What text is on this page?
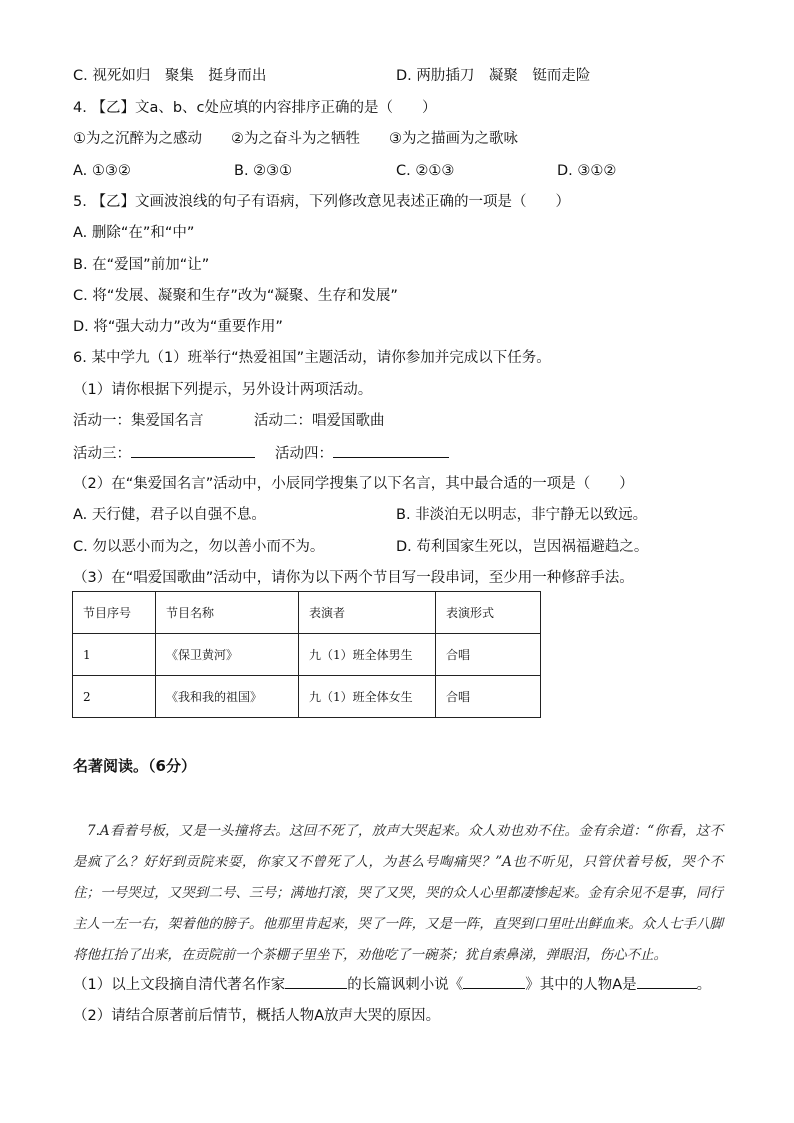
C. 视死如归　聚集　挺身而出	D. 两肋插刀　凝聚　铤而走险
4. 【乙】文a、b、c处应填的内容排序正确的是（　　）
①为之沉醉为之感动　　②为之奋斗为之牺牲　　③为之描画为之歌咏
A. ①③②	B. ②③①	C. ②①③	D. ③①②
5. 【乙】文画波浪线的句子有语病，下列修改意见表述正确的一项是（　　）
A. 删除“在”和“中”
B. 在“爱国”前加“让”
C. 将“发展、凝聚和生存”改为“凝聚、生存和发展”
D. 将“强大动力”改为“重要作用”
6. 某中学九（1）班举行“热爱祖国”主题活动，请你参加并完成以下任务。
（1）请你根据下列提示，另外设计两项活动。
活动一：集爱国名言	活动二：唱爱国歌曲
活动三：	活动四：
（2）在“集爱国名言”活动中，小辰同学搜集了以下名言，其中最合适的一项是（　　）
A. 天行健，君子以自强不息。	B. 非淡泊无以明志，非宁静无以致远。
C. 勿以恶小而为之，勿以善小而不为。	D. 苟利国家生死以，岂因祸福避趋之。
（3）在“唱爱国歌曲”活动中，请你为以下两个节目写一段串词，至少用一种修辞手法。
节目序号	节目名称	表演者	表演形式
1	《保卫黄河》	九（1）班全体男生	合唱
2	《我和我的祖国》	九（1）班全体女生	合唱
名著阅读。（6分）

7.A看着号板，又是一头撞将去。这回不死了，放声大哭起来。众人劝也劝不住。金有余道：“你看，这不是疯了么？好好到贡院来耍，你家又不曾死了人，为甚么号啕痛哭？”A也不听见，只管伏着号板，哭个不住；一号哭过，又哭到二号、三号；满地打滚，哭了又哭，哭的众人心里都凄惨起来。金有余见不是事，同行主人一左一右，架着他的膀子。他那里肯起来，哭了一阵，又是一阵，直哭到口里吐出鲜血来。众人七手八脚将他扛抬了出来，在贡院前一个茶棚子里坐下，劝他吃了一碗茶；犹自索鼻涕，弹眼泪，伤心不止。

（1）以上文段摘自清代著名作家	的长篇讽刺小说《	》其中的人物A是	。
（2）请结合原著前后情节，概括人物A放声大哭的原因。
